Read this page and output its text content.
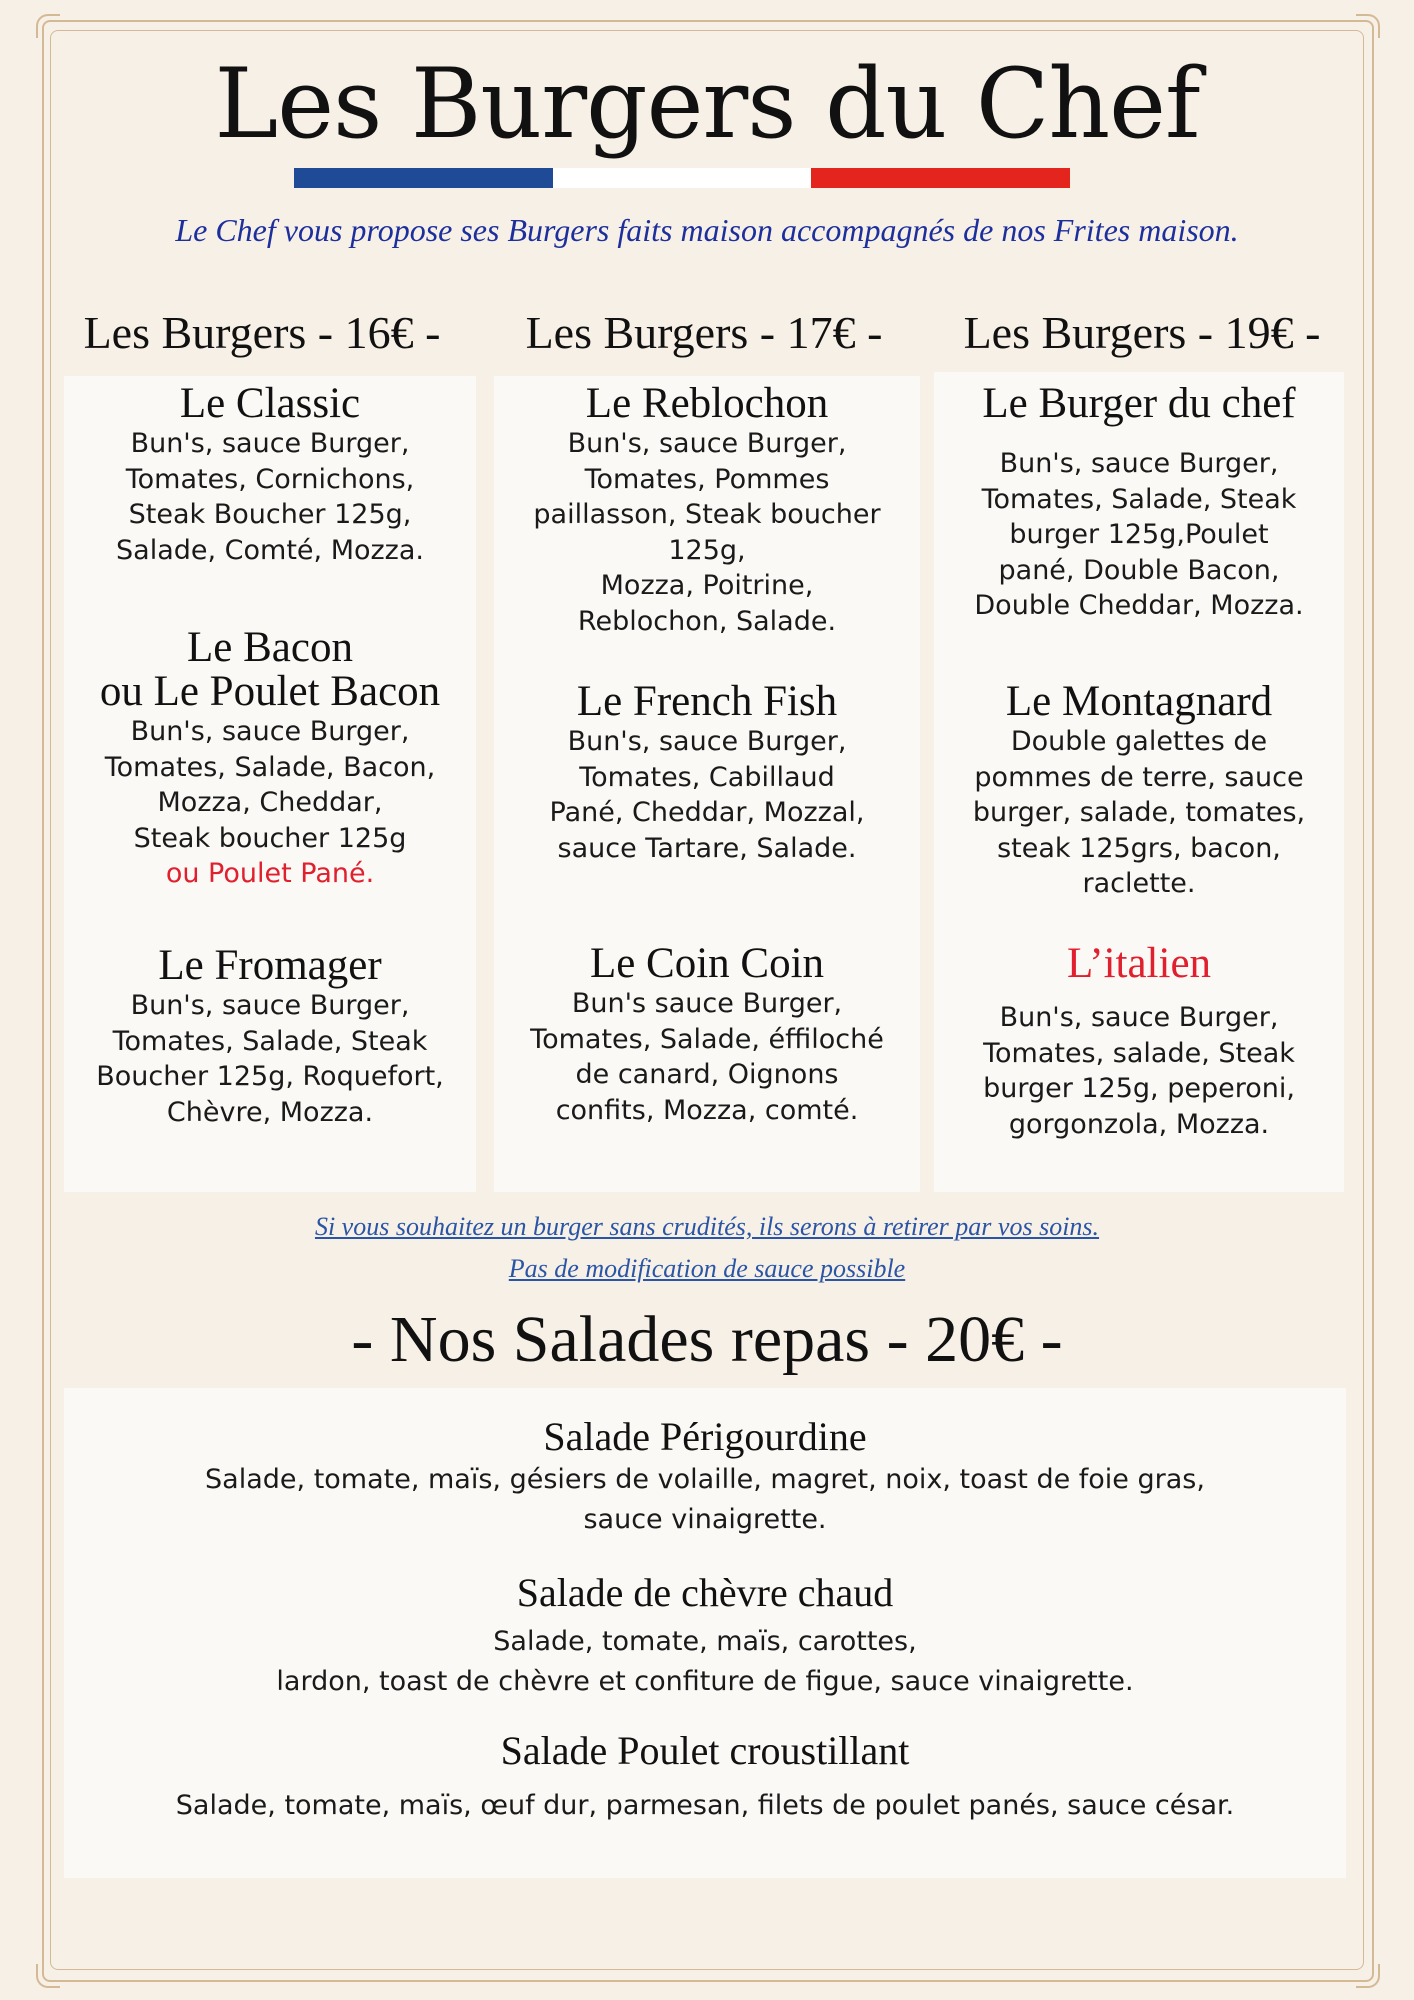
Les Burgers du Chef
Le Chef vous propose ses Burgers faits maison accompagnés de nos Frites maison.
Les Burgers - 16€ -	Les Burgers - 17€ -	Les Burgers - 19€ -
Le Classic

Bun's, sauce Burger,
Tomates, Cornichons,
Steak Boucher 125g,
Salade, Comté, Mozza.

Le Bacon
ou Le Poulet Bacon

Bun's, sauce Burger,
Tomates, Salade, Bacon,
Mozza, Cheddar,
Steak boucher 125g
ou Poulet Pané.

Le Fromager

Bun's, sauce Burger,
Tomates, Salade, Steak
Boucher 125g, Roquefort,
Chèvre, Mozza.

Le Reblochon

Bun's, sauce Burger,
Tomates, Pommes
paillasson, Steak boucher
125g,
Mozza, Poitrine,
Reblochon, Salade.

Le French Fish

Bun's, sauce Burger,
Tomates, Cabillaud
Pané, Cheddar, Mozzal,
sauce Tartare, Salade.

Le Coin Coin

Bun's sauce Burger,
Tomates, Salade, éffiloché
de canard, Oignons
confits, Mozza, comté.

Le Burger du chef

Bun's, sauce Burger,
Tomates, Salade, Steak
burger 125g,Poulet
pané, Double Bacon,
Double Cheddar, Mozza.

Le Montagnard

Double galettes de
pommes de terre, sauce
burger, salade, tomates,
steak 125grs, bacon,
raclette.

L’italien

Bun's, sauce Burger,
Tomates, salade, Steak
burger 125g, peperoni,
gorgonzola, Mozza.

Si vous souhaitez un burger sans crudités, ils serons à retirer par vos soins.
Pas de modification de sauce possible
- Nos Salades repas - 20€ -
Salade Périgourdine

Salade, tomate, maïs, gésiers de volaille, magret, noix, toast de foie gras,
sauce vinaigrette.

Salade de chèvre chaud

Salade, tomate, maïs, carottes,
lardon, toast de chèvre et confiture de figue, sauce vinaigrette.

Salade Poulet croustillant

Salade, tomate, maïs, œuf dur, parmesan, filets de poulet panés, sauce césar.
